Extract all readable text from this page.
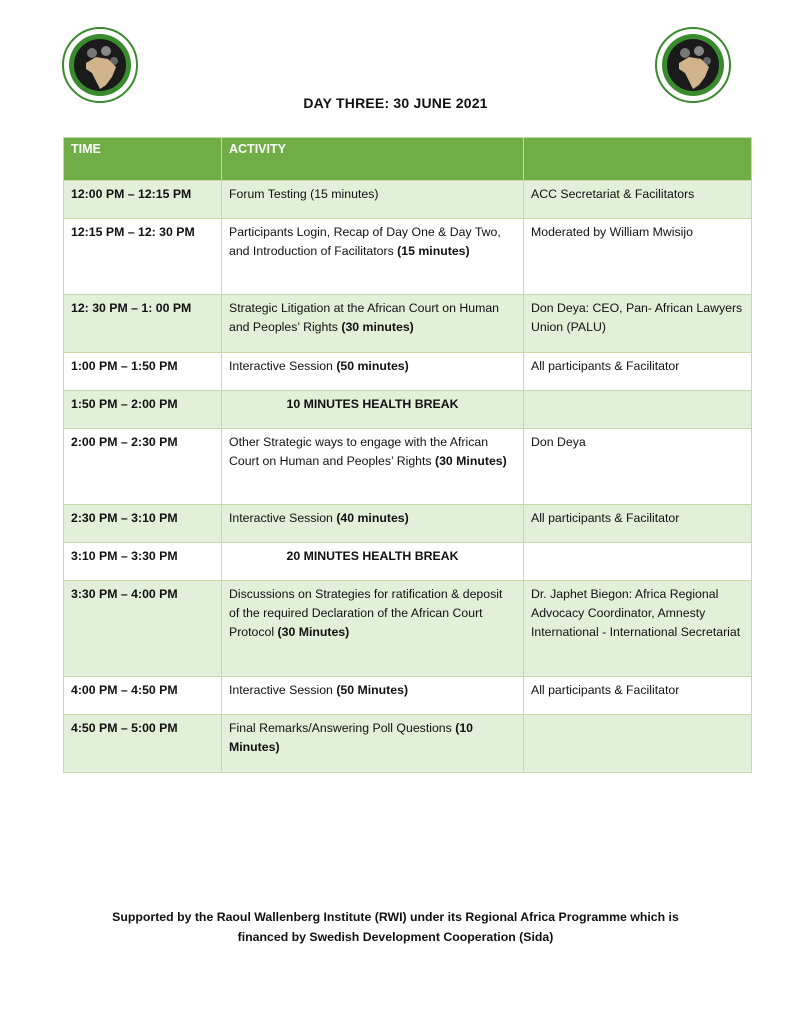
DAY THREE: 30 JUNE 2021
TIME	ACTIVITY	
12:00 PM – 12:15 PM	Forum Testing (15 minutes)	ACC Secretariat & Facilitators
12:15 PM – 12: 30 PM	Participants Login, Recap of Day One & Day Two, and Introduction of Facilitators (15 minutes)	Moderated by William Mwisijo
12: 30 PM – 1: 00 PM	Strategic Litigation at the African Court on Human and Peoples’ Rights (30 minutes)	Don Deya: CEO, Pan- African Lawyers Union (PALU)
1:00 PM – 1:50 PM	Interactive Session (50 minutes)	All participants & Facilitator
1:50 PM – 2:00 PM	10 MINUTES HEALTH BREAK	
2:00 PM – 2:30 PM	Other Strategic ways to engage with the African Court on Human and Peoples’ Rights (30 Minutes)	Don Deya
2:30 PM – 3:10 PM	Interactive Session (40 minutes)	All participants & Facilitator
3:10 PM – 3:30 PM	20 MINUTES HEALTH BREAK	
3:30 PM – 4:00 PM	Discussions on Strategies for ratification & deposit of the required Declaration of the African Court Protocol (30 Minutes)	Dr. Japhet Biegon: Africa Regional Advocacy Coordinator, Amnesty International - International Secretariat
4:00 PM – 4:50 PM	Interactive Session (50 Minutes)	All participants & Facilitator
4:50 PM – 5:00 PM	Final Remarks/Answering Poll Questions (10 Minutes)	
Supported by the Raoul Wallenberg Institute (RWI) under its Regional Africa Programme which is
financed by Swedish Development Cooperation (Sida)
